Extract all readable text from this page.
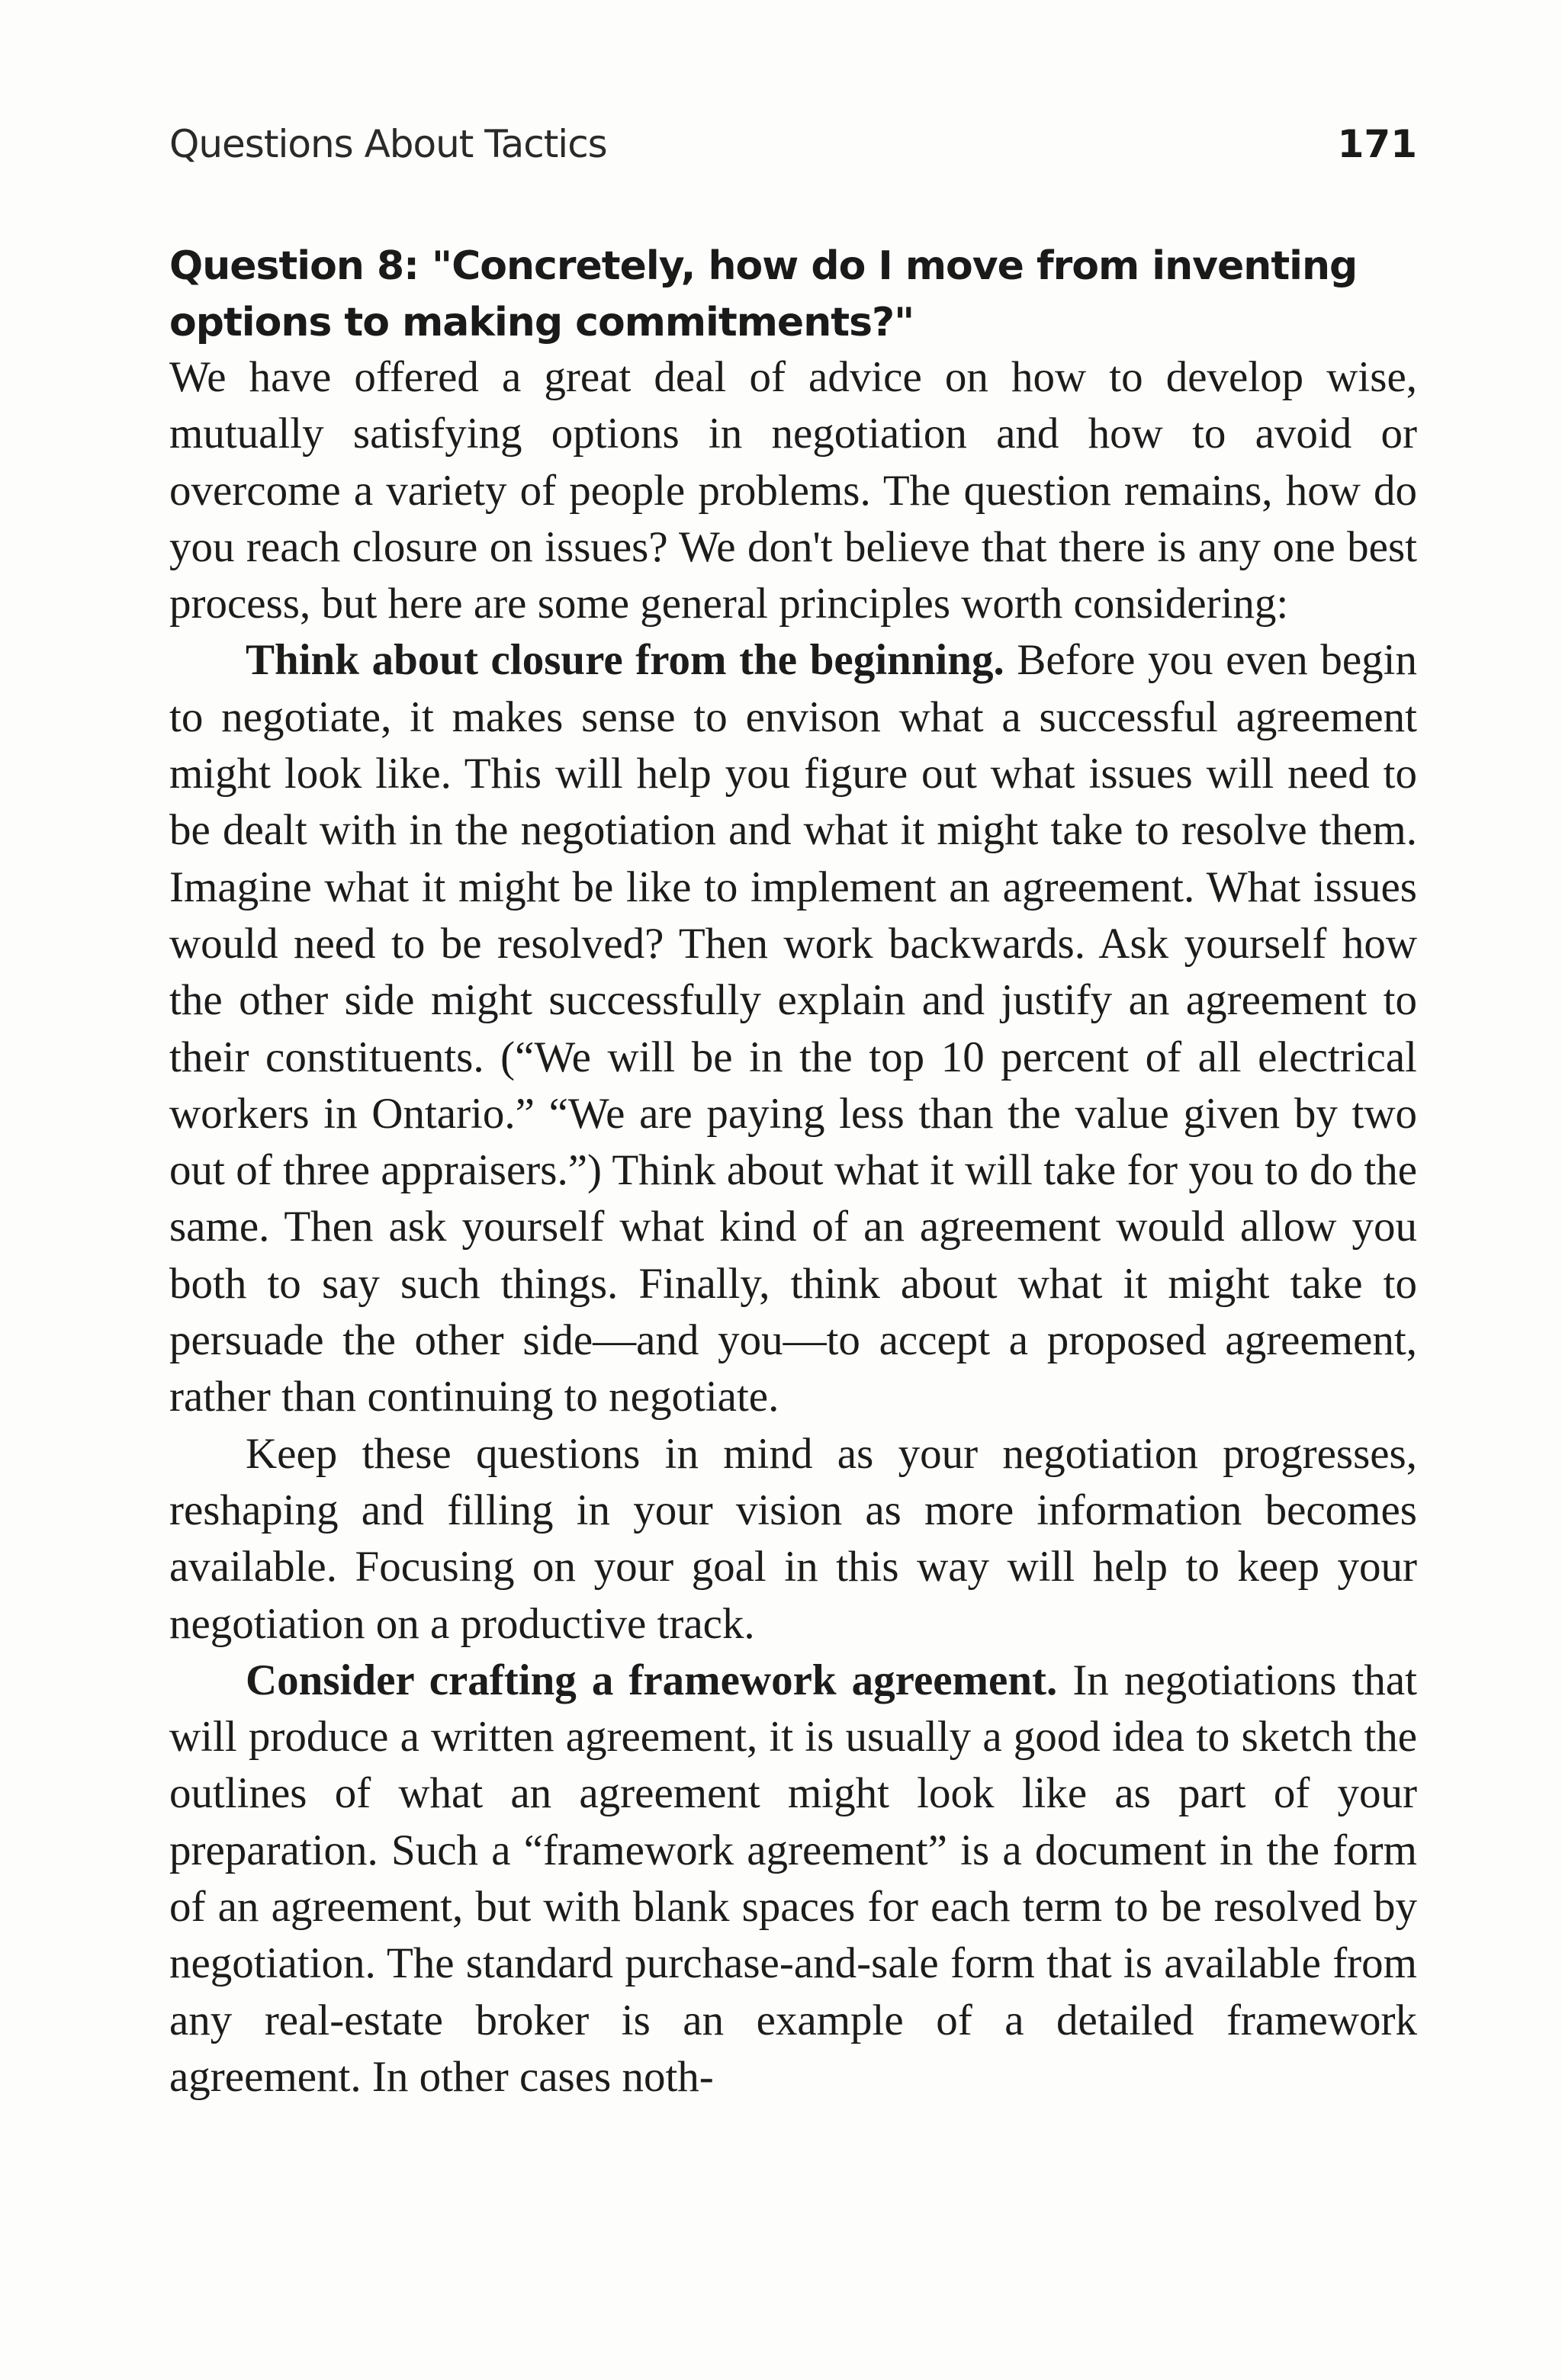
Questions About Tactics	171
Question 8: "Concretely, how do I move from inventing options to making commitments?"

We have offered a great deal of advice on how to develop wise, mutually satisfying options in negotiation and how to avoid or overcome a variety of people problems. The question remains, how do you reach closure on issues? We don't believe that there is any one best process, but here are some general principles worth considering:

Think about closure from the beginning. Before you even begin to negotiate, it makes sense to envison what a successful agreement might look like. This will help you figure out what issues will need to be dealt with in the negotiation and what it might take to resolve them. Imagine what it might be like to implement an agreement. What issues would need to be resolved? Then work backwards. Ask yourself how the other side might successfully explain and justify an agreement to their constituents. (“We will be in the top 10 percent of all electrical workers in Ontario.” “We are paying less than the value given by two out of three appraisers.”) Think about what it will take for you to do the same. Then ask yourself what kind of an agreement would allow you both to say such things. Finally, think about what it might take to persuade the other side—and you—to accept a proposed agreement, rather than continuing to negotiate.

Keep these questions in mind as your negotiation progresses, reshaping and filling in your vision as more information becomes available. Focusing on your goal in this way will help to keep your negotiation on a productive track.

Consider crafting a framework agreement. In negotiations that will produce a written agreement, it is usually a good idea to sketch the outlines of what an agreement might look like as part of your preparation. Such a “framework agreement” is a document in the form of an agreement, but with blank spaces for each term to be resolved by negotiation. The standard purchase-and-sale form that is available from any real-estate broker is an example of a detailed framework agreement. In other cases noth-
